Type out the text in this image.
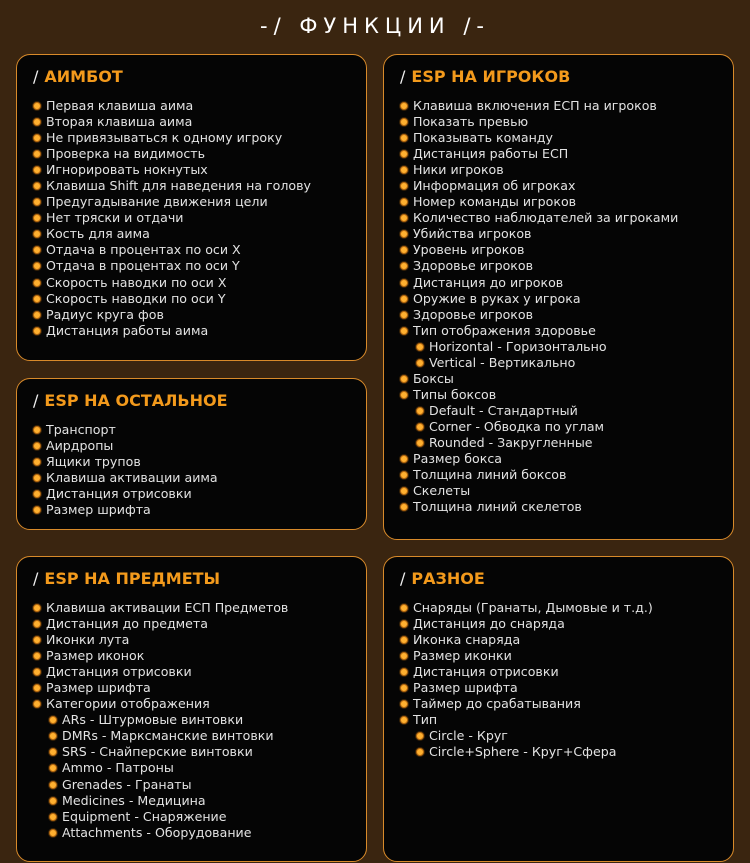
-/ ФУНКЦИИ /-
/ АИМБОТ
Первая клавиша аима
Вторая клавиша аима
Не привязываться к одному игроку
Проверка на видимость
Игнорировать нокнутых
Клавиша Shift для наведения на голову
Предугадывание движения цели
Нет тряски и отдачи
Кость для аима
Отдача в процентах по оси X
Отдача в процентах по оси Y
Скорость наводки по оси X
Скорость наводки по оси Y
Радиус круга фов
Дистанция работы аима
/ ESP НА ОСТАЛЬНОЕ
Транспорт
Аирдропы
Ящики трупов
Клавиша активации аима
Дистанция отрисовки
Размер шрифта
/ ESP НА ПРЕДМЕТЫ
Клавиша активации ЕСП Предметов
Дистанция до предмета
Иконки лута
Размер иконок
Дистанция отрисовки
Размер шрифта
Категории отображения
ARs - Штурмовые винтовки
DMRs - Марксманские винтовки
SRS - Снайперские винтовки
Ammo - Патроны
Grenades - Гранаты
Medicines - Медицина
Equipment - Снаряжение
Attachments - Оборудование
/ ESP НА ИГРОКОВ
Клавиша включения ЕСП на игроков
Показать превью
Показывать команду
Дистанция работы ЕСП
Ники игроков
Информация об игроках
Номер команды игроков
Количество наблюдателей за игроками
Убийства игроков
Уровень игроков
Здоровье игроков
Дистанция до игроков
Оружие в руках у игрока
Здоровье игроков
Тип отображения здоровье
Horizontal - Горизонтально
Vertical - Вертикально
Боксы
Типы боксов
Default - Стандартный
Corner - Обводка по углам
Rounded - Закругленные
Размер бокса
Толщина линий боксов
Скелеты
Толщина линий скелетов
/ РАЗНОЕ
Снаряды (Гранаты, Дымовые и т.д.)
Дистанция до снаряда
Иконка снаряда
Размер иконки
Дистанция отрисовки
Размер шрифта
Таймер до срабатывания
Тип
Circle - Круг
Circle+Sphere - Круг+Сфера
